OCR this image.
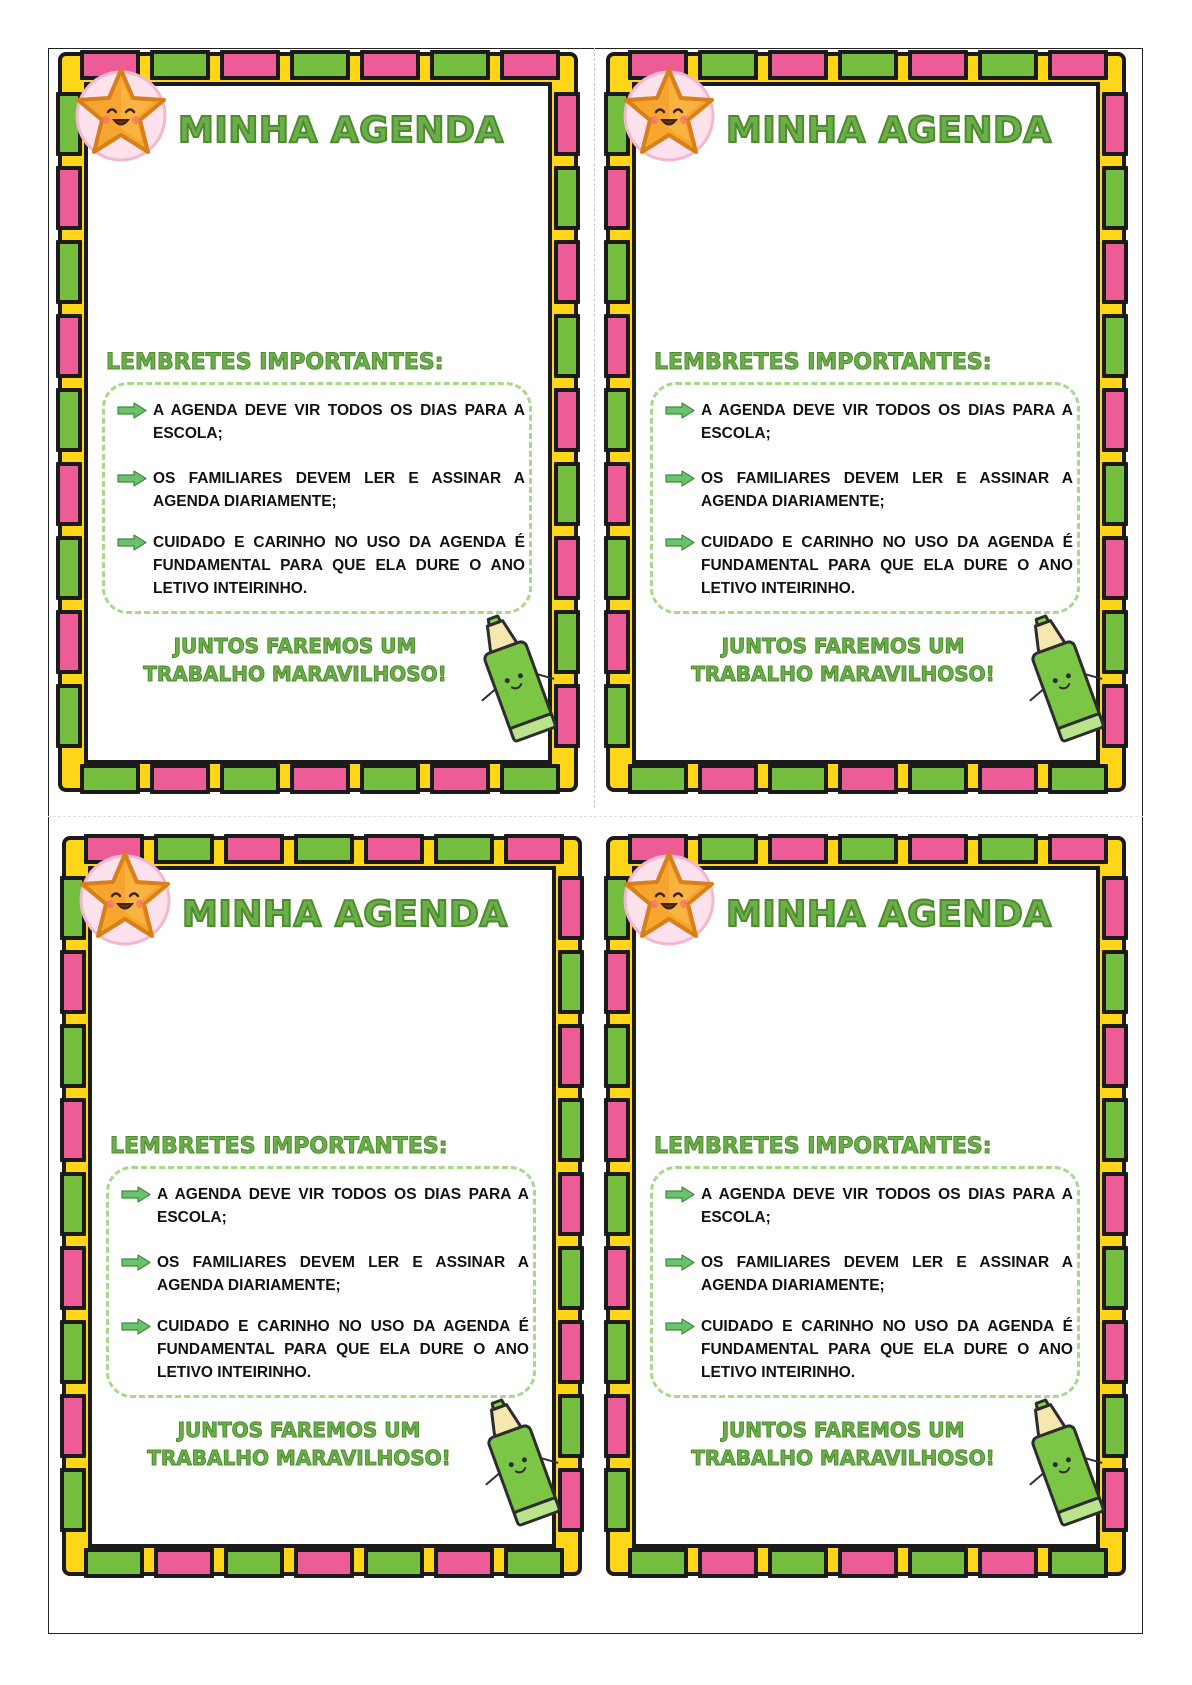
MINHA AGENDA
LEMBRETES IMPORTANTES:
A AGENDA DEVE VIR TODOS OS DIAS PARA A ESCOLA;
OS FAMILIARES DEVEM LER E ASSINAR A AGENDA DIARIAMENTE;
CUIDADO E CARINHO NO USO DA AGENDA É FUNDAMENTAL PARA QUE ELA DURE O ANO LETIVO INTEIRINHO.
JUNTOS FAREMOS UM
TRABALHO MARAVILHOSO!
MINHA AGENDA
LEMBRETES IMPORTANTES:
A AGENDA DEVE VIR TODOS OS DIAS PARA A ESCOLA;
OS FAMILIARES DEVEM LER E ASSINAR A AGENDA DIARIAMENTE;
CUIDADO E CARINHO NO USO DA AGENDA É FUNDAMENTAL PARA QUE ELA DURE O ANO LETIVO INTEIRINHO.
JUNTOS FAREMOS UM
TRABALHO MARAVILHOSO!
MINHA AGENDA
LEMBRETES IMPORTANTES:
A AGENDA DEVE VIR TODOS OS DIAS PARA A ESCOLA;
OS FAMILIARES DEVEM LER E ASSINAR A AGENDA DIARIAMENTE;
CUIDADO E CARINHO NO USO DA AGENDA É FUNDAMENTAL PARA QUE ELA DURE O ANO LETIVO INTEIRINHO.
JUNTOS FAREMOS UM
TRABALHO MARAVILHOSO!
MINHA AGENDA
LEMBRETES IMPORTANTES:
A AGENDA DEVE VIR TODOS OS DIAS PARA A ESCOLA;
OS FAMILIARES DEVEM LER E ASSINAR A AGENDA DIARIAMENTE;
CUIDADO E CARINHO NO USO DA AGENDA É FUNDAMENTAL PARA QUE ELA DURE O ANO LETIVO INTEIRINHO.
JUNTOS FAREMOS UM
TRABALHO MARAVILHOSO!
